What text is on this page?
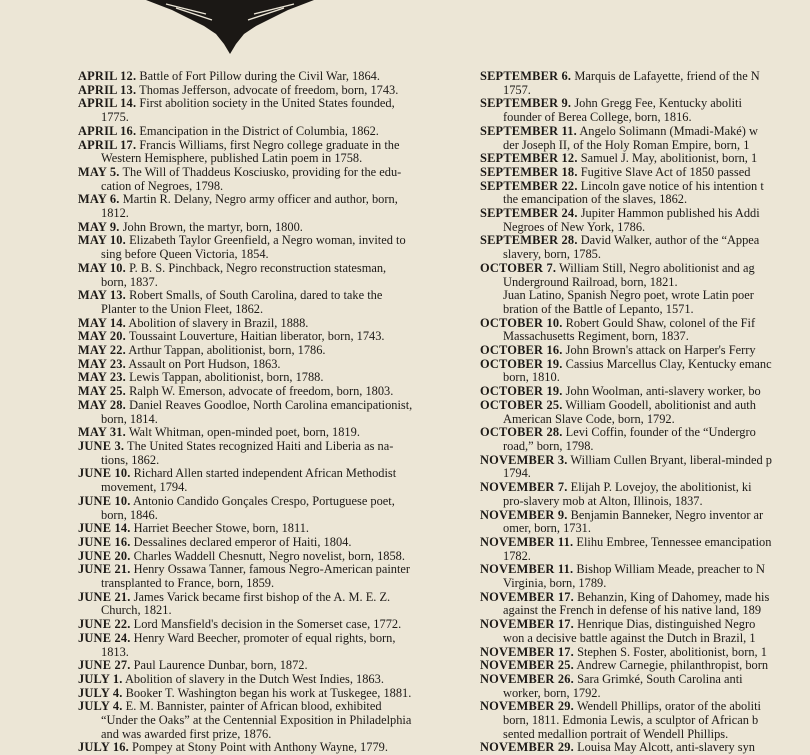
APRIL 12. Battle of Fort Pillow during the Civil War, 1864.
APRIL 13. Thomas Jefferson, advocate of freedom, born, 1743.
APRIL 14. First abolition society in the United States founded,
1775.
APRIL 16. Emancipation in the District of Columbia, 1862.
APRIL 17. Francis Williams, first Negro college graduate in the
Western Hemisphere, published Latin poem in 1758.
MAY 5. The Will of Thaddeus Kosciusko, providing for the edu-
cation of Negroes, 1798.
MAY 6. Martin R. Delany, Negro army officer and author, born,
1812.
MAY 9. John Brown, the martyr, born, 1800.
MAY 10. Elizabeth Taylor Greenfield, a Negro woman, invited to
sing before Queen Victoria, 1854.
MAY 10. P. B. S. Pinchback, Negro reconstruction statesman,
born, 1837.
MAY 13. Robert Smalls, of South Carolina, dared to take the
Planter to the Union Fleet, 1862.
MAY 14. Abolition of slavery in Brazil, 1888.
MAY 20. Toussaint Louverture, Haitian liberator, born, 1743.
MAY 22. Arthur Tappan, abolitionist, born, 1786.
MAY 23. Assault on Port Hudson, 1863.
MAY 23. Lewis Tappan, abolitionist, born, 1788.
MAY 25. Ralph W. Emerson, advocate of freedom, born, 1803.
MAY 28. Daniel Reaves Goodloe, North Carolina emancipationist,
born, 1814.
MAY 31. Walt Whitman, open-minded poet, born, 1819.
JUNE 3. The United States recognized Haiti and Liberia as na-
tions, 1862.
JUNE 10. Richard Allen started independent African Methodist
movement, 1794.
JUNE 10. Antonio Candido Gonçales Crespo, Portuguese poet,
born, 1846.
JUNE 14. Harriet Beecher Stowe, born, 1811.
JUNE 16. Dessalines declared emperor of Haiti, 1804.
JUNE 20. Charles Waddell Chesnutt, Negro novelist, born, 1858.
JUNE 21. Henry Ossawa Tanner, famous Negro-American painter
transplanted to France, born, 1859.
JUNE 21. James Varick became first bishop of the A. M. E. Z.
Church, 1821.
JUNE 22. Lord Mansfield's decision in the Somerset case, 1772.
JUNE 24. Henry Ward Beecher, promoter of equal rights, born,
1813.
JUNE 27. Paul Laurence Dunbar, born, 1872.
JULY 1. Abolition of slavery in the Dutch West Indies, 1863.
JULY 4. Booker T. Washington began his work at Tuskegee, 1881.
JULY 4. E. M. Bannister, painter of African blood, exhibited
“Under the Oaks” at the Centennial Exposition in Philadelphia
and was awarded first prize, 1876.
JULY 16. Pompey at Stony Point with Anthony Wayne, 1779.
SEPTEMBER 6. Marquis de Lafayette, friend of the N
1757.
SEPTEMBER 9. John Gregg Fee, Kentucky aboliti
founder of Berea College, born, 1816.
SEPTEMBER 11. Angelo Solimann (Mmadi-Maké) w
der Joseph II, of the Holy Roman Empire, born, 1
SEPTEMBER 12. Samuel J. May, abolitionist, born, 1
SEPTEMBER 18. Fugitive Slave Act of 1850 passed
SEPTEMBER 22. Lincoln gave notice of his intention t
the emancipation of the slaves, 1862.
SEPTEMBER 24. Jupiter Hammon published his Addi
Negroes of New York, 1786.
SEPTEMBER 28. David Walker, author of the “Appea
slavery, born, 1785.
OCTOBER 7. William Still, Negro abolitionist and ag
Underground Railroad, born, 1821.
Juan Latino, Spanish Negro poet, wrote Latin poer
bration of the Battle of Lepanto, 1571.
OCTOBER 10. Robert Gould Shaw, colonel of the Fif
Massachusetts Regiment, born, 1837.
OCTOBER 16. John Brown's attack on Harper's Ferry
OCTOBER 19. Cassius Marcellus Clay, Kentucky emanc
born, 1810.
OCTOBER 19. John Woolman, anti-slavery worker, bo
OCTOBER 25. William Goodell, abolitionist and auth
American Slave Code, born, 1792.
OCTOBER 28. Levi Coffin, founder of the “Undergro
road,” born, 1798.
NOVEMBER 3. William Cullen Bryant, liberal-minded p
1794.
NOVEMBER 7. Elijah P. Lovejoy, the abolitionist, ki
pro-slavery mob at Alton, Illinois, 1837.
NOVEMBER 9. Benjamin Banneker, Negro inventor ar
omer, born, 1731.
NOVEMBER 11. Elihu Embree, Tennessee emancipation
1782.
NOVEMBER 11. Bishop William Meade, preacher to N
Virginia, born, 1789.
NOVEMBER 17. Behanzin, King of Dahomey, made his
against the French in defense of his native land, 189
NOVEMBER 17. Henrique Dias, distinguished Negro
won a decisive battle against the Dutch in Brazil, 1
NOVEMBER 17. Stephen S. Foster, abolitionist, born, 1
NOVEMBER 25. Andrew Carnegie, philanthropist, born
NOVEMBER 26. Sara Grimké, South Carolina anti
worker, born, 1792.
NOVEMBER 29. Wendell Phillips, orator of the aboliti
born, 1811. Edmonia Lewis, a sculptor of African b
sented medallion portrait of Wendell Phillips.
NOVEMBER 29. Louisa May Alcott, anti-slavery syn
